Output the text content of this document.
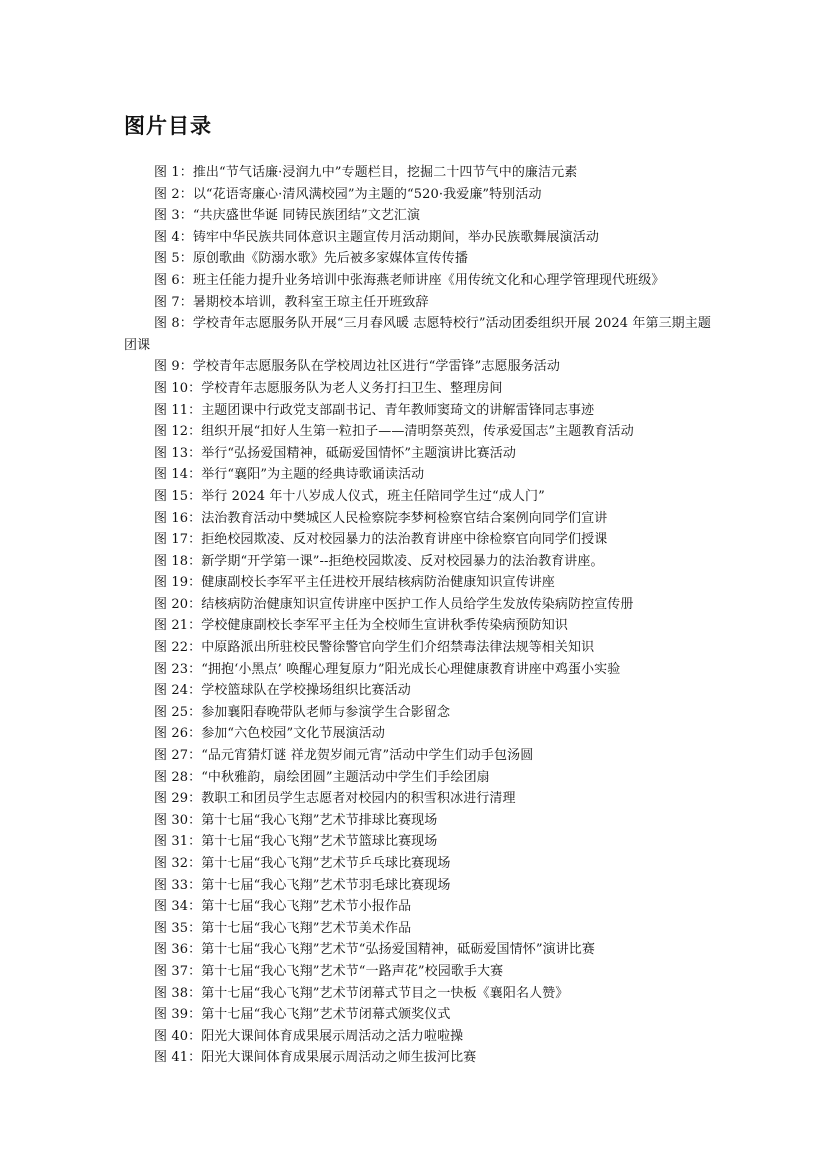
图片目录
图 1：推出“节气话廉·浸润九中”专题栏目，挖掘二十四节气中的廉洁元素
图 2：以“花语寄廉心·清风满校园”为主题的“520·我爱廉”特别活动
图 3：“共庆盛世华诞 同铸民族团结”文艺汇演
图 4：铸牢中华民族共同体意识主题宣传月活动期间，举办民族歌舞展演活动
图 5：原创歌曲《防溺水歌》先后被多家媒体宣传传播
图 6：班主任能力提升业务培训中张海燕老师讲座《用传统文化和心理学管理现代班级》
图 7：暑期校本培训，教科室王琼主任开班致辞
图 8：学校青年志愿服务队开展“三月春风暖 志愿特校行”活动团委组织开展 2024 年第三期主题团课
图 9：学校青年志愿服务队在学校周边社区进行“学雷锋”志愿服务活动
图 10：学校青年志愿服务队为老人义务打扫卫生、整理房间
图 11：主题团课中行政党支部副书记、青年教师窦琦文的讲解雷锋同志事迹
图 12：组织开展“扣好人生第一粒扣子——清明祭英烈，传承爱国志”主题教育活动
图 13：举行“弘扬爱国精神，砥砺爱国情怀”主题演讲比赛活动
图 14：举行“襄阳”为主题的经典诗歌诵读活动
图 15：举行 2024 年十八岁成人仪式，班主任陪同学生过“成人门”
图 16：法治教育活动中樊城区人民检察院李梦柯检察官结合案例向同学们宣讲
图 17：拒绝校园欺凌、反对校园暴力的法治教育讲座中徐检察官向同学们授课
图 18：新学期“开学第一课”--拒绝校园欺凌、反对校园暴力的法治教育讲座。
图 19：健康副校长李军平主任进校开展结核病防治健康知识宣传讲座
图 20：结核病防治健康知识宣传讲座中医护工作人员给学生发放传染病防控宣传册
图 21：学校健康副校长李军平主任为全校师生宣讲秋季传染病预防知识
图 22：中原路派出所驻校民警徐警官向学生们介绍禁毒法律法规等相关知识
图 23：“拥抱‘小黑点’ 唤醒心理复原力”阳光成长心理健康教育讲座中鸡蛋小实验
图 24：学校篮球队在学校操场组织比赛活动
图 25：参加襄阳春晚带队老师与参演学生合影留念
图 26：参加“六色校园”文化节展演活动
图 27：“品元宵猜灯谜 祥龙贺岁闹元宵”活动中学生们动手包汤圆
图 28：“中秋雅韵，扇绘团圆”主题活动中学生们手绘团扇
图 29：教职工和团员学生志愿者对校园内的积雪积冰进行清理
图 30：第十七届“我心飞翔”艺术节排球比赛现场
图 31：第十七届“我心飞翔”艺术节篮球比赛现场
图 32：第十七届“我心飞翔”艺术节乒乓球比赛现场
图 33：第十七届“我心飞翔”艺术节羽毛球比赛现场
图 34：第十七届“我心飞翔”艺术节小报作品
图 35：第十七届“我心飞翔”艺术节美术作品
图 36：第十七届“我心飞翔”艺术节“弘扬爱国精神，砥砺爱国情怀”演讲比赛
图 37：第十七届“我心飞翔”艺术节“一路声花”校园歌手大赛
图 38：第十七届“我心飞翔”艺术节闭幕式节目之一快板《襄阳名人赞》
图 39：第十七届“我心飞翔”艺术节闭幕式颁奖仪式
图 40：阳光大课间体育成果展示周活动之活力啦啦操
图 41：阳光大课间体育成果展示周活动之师生拔河比赛
